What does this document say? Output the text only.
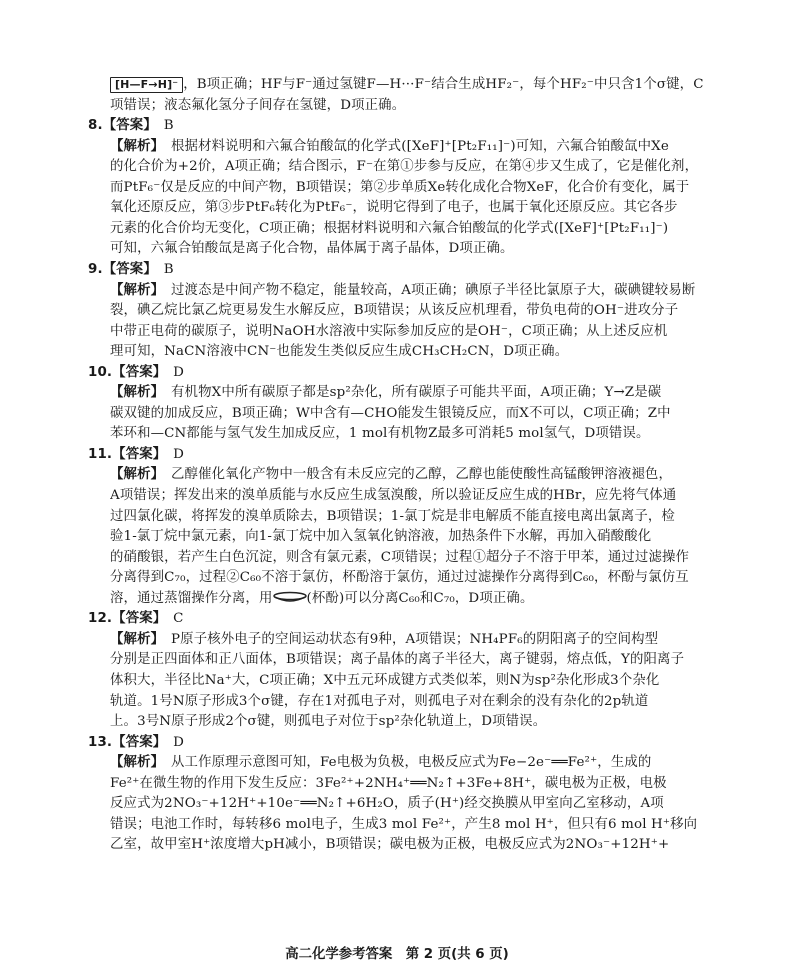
[H—F→H]⁻ ，B项正确；HF与F⁻通过氢键F—H···F⁻结合生成HF₂⁻，每个HF₂⁻中只含1个σ键，C
项错误；液态氟化氢分子间存在氢键，D项正确。
8.【答案】　B
【解析】　根据材料说明和六氟合铂酸氙的化学式([XeF]⁺[Pt₂F₁₁]⁻)可知，六氟合铂酸氙中Xe
的化合价为+2价，A项正确；结合图示，F⁻在第①步参与反应，在第④步又生成了，它是催化剂，
而PtF₆⁻仅是反应的中间产物，B项错误；第②步单质Xe转化成化合物XeF，化合价有变化，属于
氧化还原反应，第③步PtF₆转化为PtF₆⁻，说明它得到了电子，也属于氧化还原反应。其它各步
元素的化合价均无变化，C项正确；根据材料说明和六氟合铂酸氙的化学式([XeF]⁺[Pt₂F₁₁]⁻)
可知，六氟合铂酸氙是离子化合物，晶体属于离子晶体，D项正确。
9.【答案】　B
【解析】　过渡态是中间产物不稳定，能量较高，A项正确；碘原子半径比氯原子大，碳碘键较易断
裂，碘乙烷比氯乙烷更易发生水解反应，B项错误；从该反应机理看，带负电荷的OH⁻进攻分子
中带正电荷的碳原子，说明NaOH水溶液中实际参加反应的是OH⁻，C项正确；从上述反应机
理可知，NaCN溶液中CN⁻也能发生类似反应生成CH₃CH₂CN，D项正确。
10.【答案】　D
【解析】　有机物X中所有碳原子都是sp²杂化，所有碳原子可能共平面，A项正确；Y→Z是碳
碳双键的加成反应，B项正确；W中含有—CHO能发生银镜反应，而X不可以，C项正确；Z中
苯环和—CN都能与氢气发生加成反应，1 mol有机物Z最多可消耗5 mol氢气，D项错误。
11.【答案】　D
【解析】　乙醇催化氧化产物中一般含有未反应完的乙醇，乙醇也能使酸性高锰酸钾溶液褪色，
A项错误；挥发出来的溴单质能与水反应生成氢溴酸，所以验证反应生成的HBr，应先将气体通
过四氯化碳，将挥发的溴单质除去，B项错误；1-氯丁烷是非电解质不能直接电离出氯离子，检
验1-氯丁烷中氯元素，向1-氯丁烷中加入氢氧化钠溶液，加热条件下水解，再加入硝酸酸化
的硝酸银，若产生白色沉淀，则含有氯元素，C项错误；过程①超分子不溶于甲苯，通过过滤操作
分离得到C₇₀，过程②C₆₀不溶于氯仿，杯酚溶于氯仿，通过过滤操作分离得到C₆₀，杯酚与氯仿互
溶，通过蒸馏操作分离，用	(杯酚)可以分离C₆₀和C₇₀，D项正确。
12.【答案】　C
【解析】　P原子核外电子的空间运动状态有9种，A项错误；NH₄PF₆的阴阳离子的空间构型
分别是正四面体和正八面体，B项错误；离子晶体的离子半径大，离子键弱，熔点低，Y的阳离子
体积大，半径比Na⁺大，C项正确；X中五元环成键方式类似苯，则N为sp²杂化形成3个杂化
轨道。1号N原子形成3个σ键，存在1对孤电子对，则孤电子对在剩余的没有杂化的2p轨道
上。3号N原子形成2个σ键，则孤电子对位于sp²杂化轨道上，D项错误。
13.【答案】　D
【解析】　从工作原理示意图可知，Fe电极为负极，电极反应式为Fe−2e⁻══Fe²⁺，生成的
Fe²⁺在微生物的作用下发生反应：3Fe²⁺+2NH₄⁺══N₂↑+3Fe+8H⁺，碳电极为正极，电极
反应式为2NO₃⁻+12H⁺+10e⁻══N₂↑+6H₂O，质子(H⁺)经交换膜从甲室向乙室移动，A项
错误；电池工作时，每转移6 mol电子，生成3 mol Fe²⁺，产生8 mol H⁺，但只有6 mol H⁺移向
乙室，故甲室H⁺浓度增大pH减小，B项错误；碳电极为正极，电极反应式为2NO₃⁻+12H⁺+
高二化学参考答案　第 2 页(共 6 页)
